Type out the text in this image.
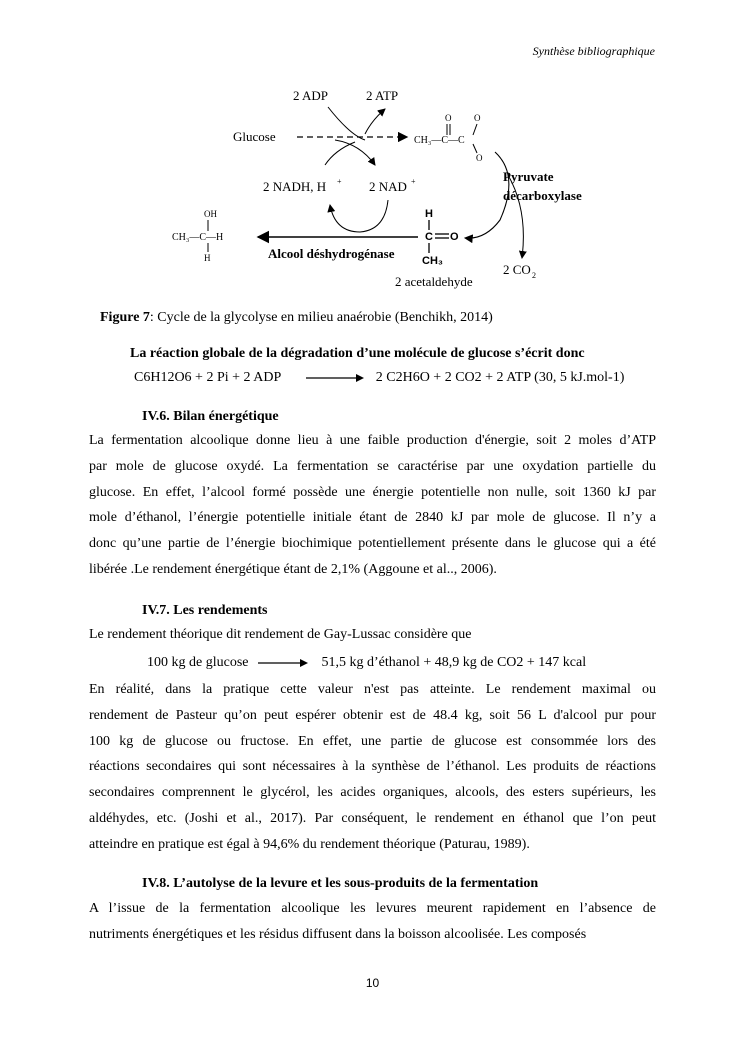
Synthèse bibliographique
2 ADP	2 ATP
Glucose
O	O
O
CH₃—C—C
2 NADH, H + 2 NAD +	Pyruvate
décarboxylase
OH
CH₃—C—H
H
H
C O
CH₃
Alcool déshydrogénase
2 CO 2
2 acetaldehyde
Figure 7: Cycle de la glycolyse en milieu anaérobie (Benchikh, 2014)
La réaction globale de la dégradation d’une molécule de glucose s’écrit donc
C6H12O6 + 2 Pi + 2 ADP	2 C2H6O + 2 CO2 + 2 ATP (30, 5 kJ.mol-1)
IV.6. Bilan énergétique
La fermentation alcoolique donne lieu à une faible production d'énergie, soit 2 moles d’ATP
par mole de glucose oxydé. La fermentation se caractérise par une oxydation partielle du
glucose. En effet, l’alcool formé possède une énergie potentielle non nulle, soit 1360 kJ par
mole d’éthanol, l’énergie potentielle initiale étant de 2840 kJ par mole de glucose. Il n’y a
donc qu’une partie de l’énergie biochimique potentiellement présente dans le glucose qui a été
libérée .Le rendement énergétique étant de 2,1% (Aggoune et al.., 2006).
IV.7. Les rendements
Le rendement théorique dit rendement de Gay-Lussac considère que
100 kg de glucose	51,5 kg d’éthanol + 48,9 kg de CO2 + 147 kcal
En réalité, dans la pratique cette valeur n'est pas atteinte. Le rendement maximal ou
rendement de Pasteur qu’on peut espérer obtenir est de 48.4 kg, soit 56 L d'alcool pur pour
100 kg de glucose ou fructose. En effet, une partie de glucose est consommée lors des
réactions secondaires qui sont nécessaires à la synthèse de l’éthanol. Les produits de réactions
secondaires comprennent le glycérol, les acides organiques, alcools, des esters supérieurs, les
aldéhydes, etc. (Joshi et al., 2017). Par conséquent, le rendement en éthanol que l’on peut
atteindre en pratique est égal à 94,6% du rendement théorique (Paturau, 1989).
IV.8. L’autolyse de la levure et les sous-produits de la fermentation
A l’issue de la fermentation alcoolique les levures meurent rapidement en l’absence de
nutriments énergétiques et les résidus diffusent dans la boisson alcoolisée. Les composés
10
